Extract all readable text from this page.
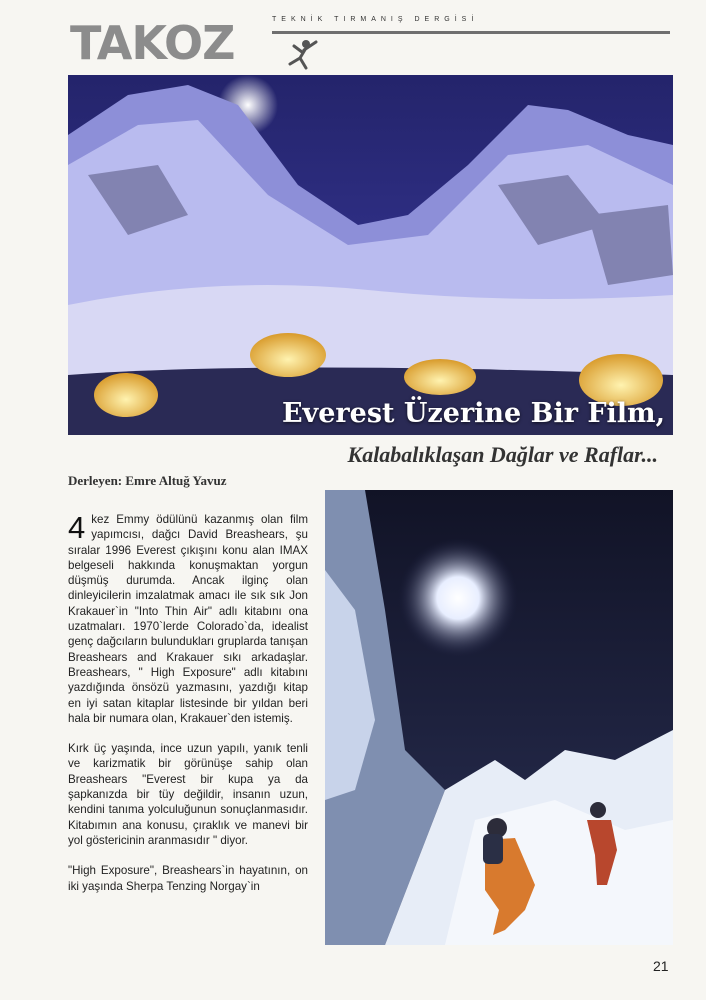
TAKOZ	TEKNİK TIRMANIŞ DERGİSİ
Everest Üzerine Bir Film,
Kalabalıklaşan Dağlar ve Raflar...
Derleyen: Emre Altuğ Yavuz

4 kez Emmy ödülünü kazanmış olan film yapımcısı, dağcı David Breashears, şu sıralar 1996 Everest çıkışını konu alan IMAX belgeseli hakkında konuşmaktan yorgun düşmüş durumda. Ancak ilginç olan dinleyicilerin imzalatmak amacı ile sık sık Jon Krakauer`in "Into Thin Air" adlı kitabını ona uzatmaları. 1970`lerde Colorado`da, idealist genç dağcıların bulundukları gruplarda tanışan Breashears and Krakauer sıkı arkadaşlar. Breashears, " High Exposure" adlı kitabını yazdığında önsözü yazmasını, yazdığı kitap en iyi satan kitaplar listesinde bir yıldan beri hala bir numara olan, Krakauer`den istemiş.

Kırk üç yaşında, ince uzun yapılı, yanık tenli ve karizmatik bir görünüşe sahip olan Breashears "Everest bir kupa ya da şapkanızda bir tüy değildir, insanın uzun, kendini tanıma yolculuğunun sonuçlanmasıdır. Kitabımın ana konusu, çıraklık ve manevi bir yol göstericinin aranmasıdır " diyor.

"High Exposure", Breashears`in hayatının, on iki yaşında Sherpa Tenzing Norgay`in

21
